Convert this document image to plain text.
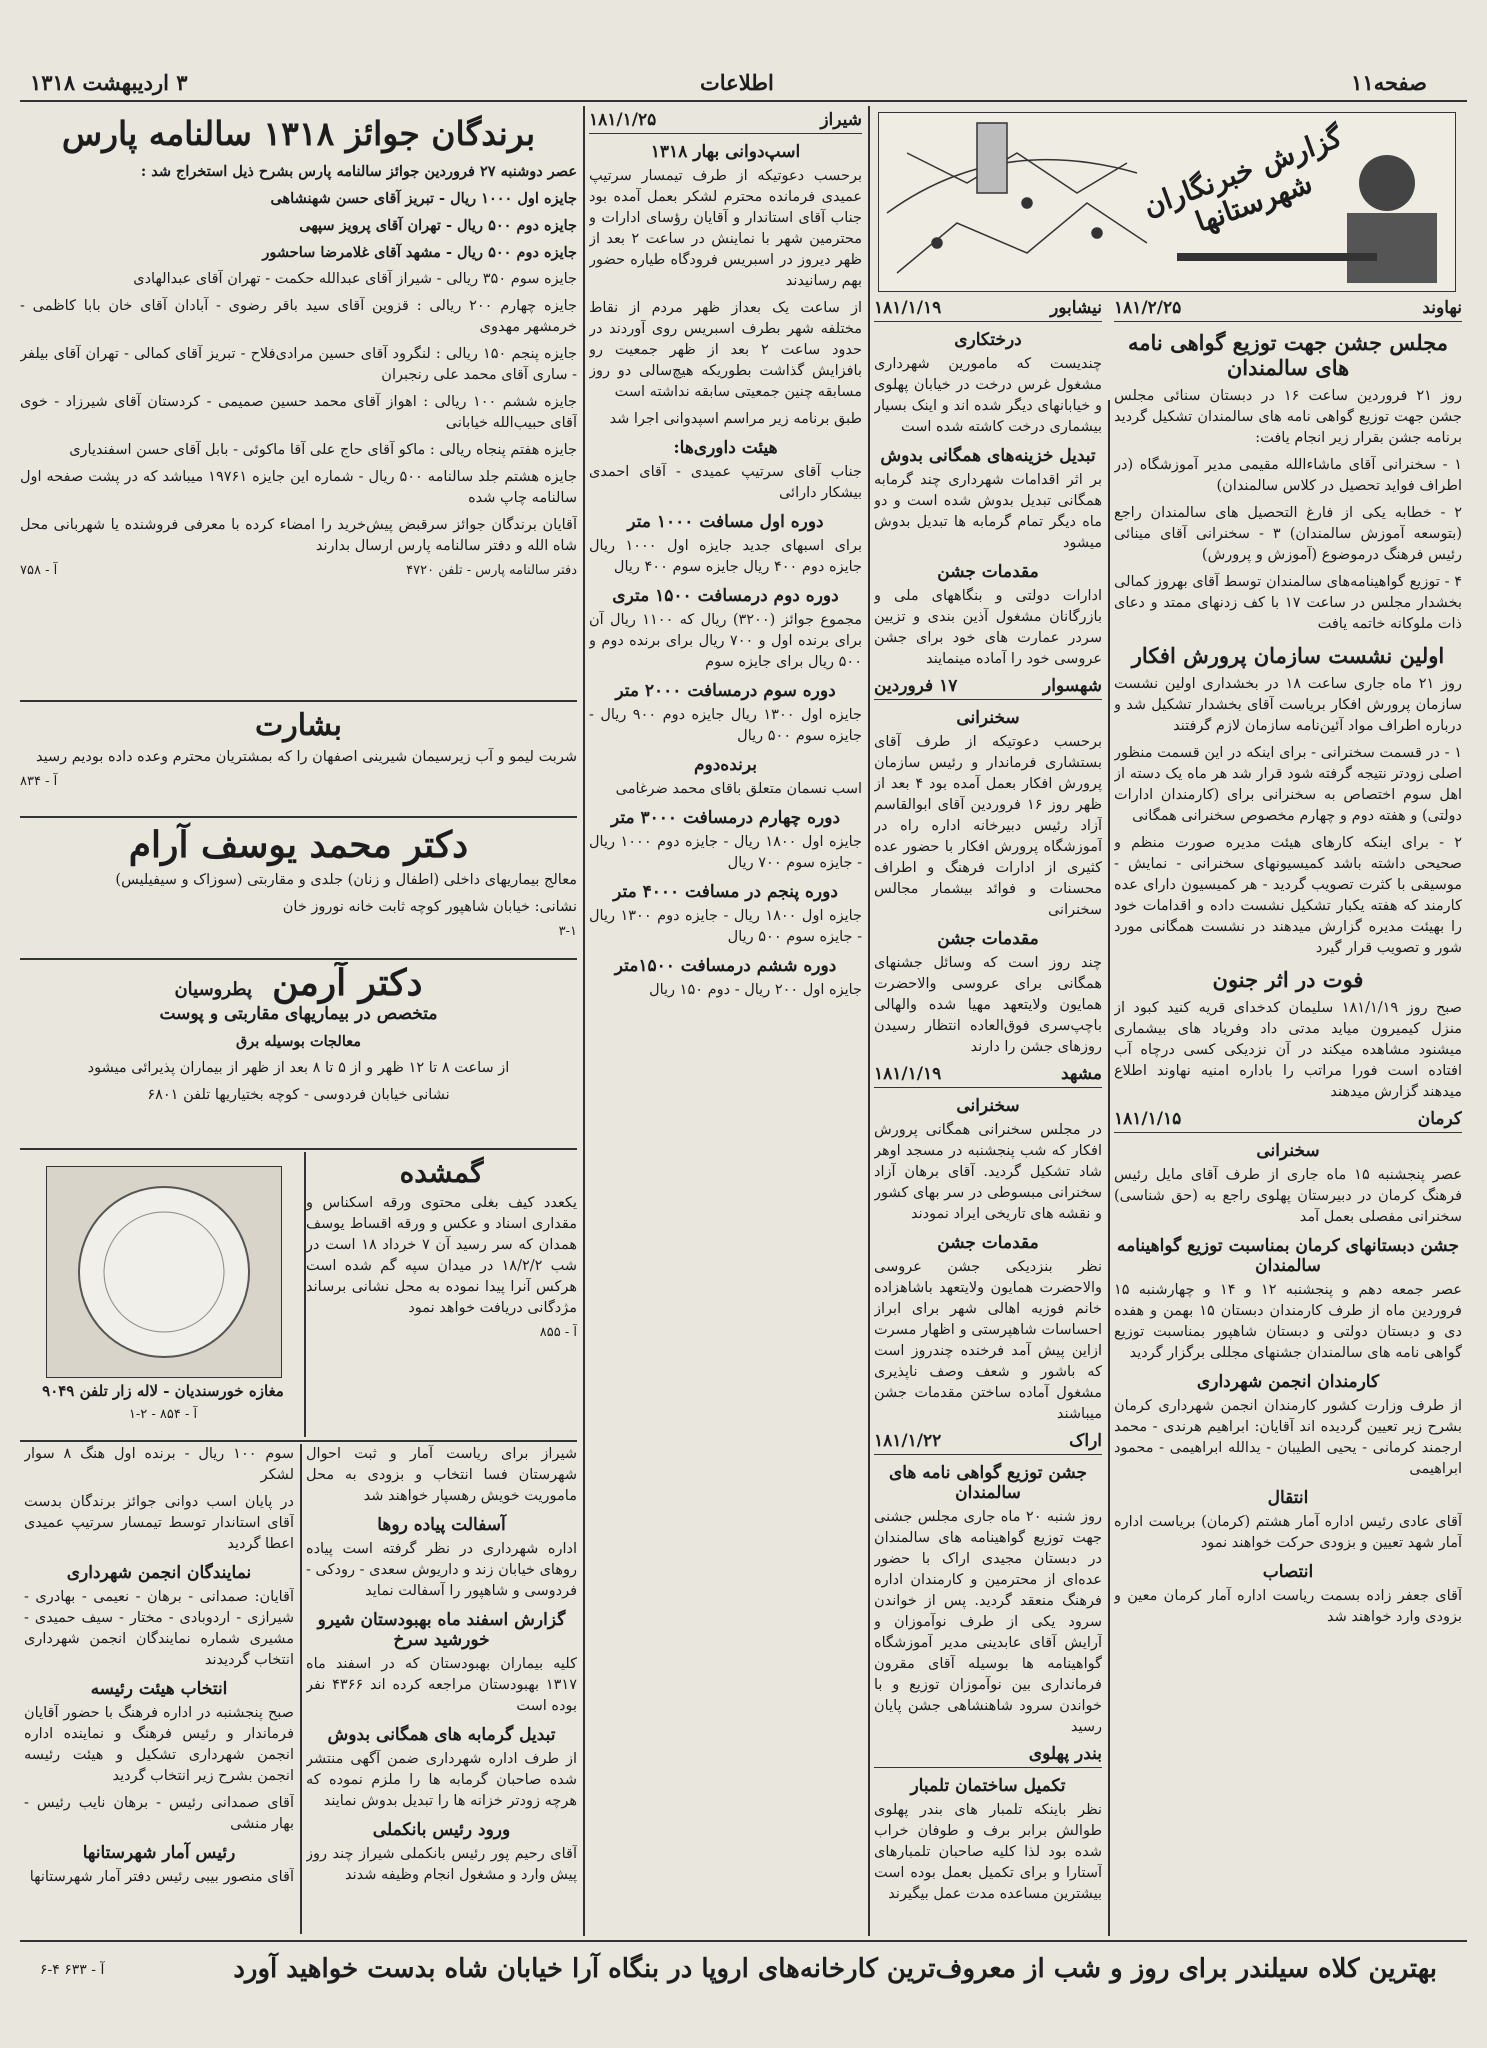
صفحه۱۱
اطلاعات
۳ اردیبهشت ۱۳۱۸
گزارش خبرنگاران شهرستانها
نهاوند
۱۸۱/۲/۲۵
مجلس جشن جهت توزیع گواهی نامه های سالمندان

روز ۲۱ فروردین ساعت ۱۶ در دبستان سنائی مجلس جشن جهت توزیع گواهی نامه های سالمندان تشکیل گردید برنامه جشن بقرار زیر انجام یافت:

۱ - سخنرانی آقای ماشاءالله مقیمی مدیر آموزشگاه (در اطراف فواید تحصیل در کلاس سالمندان)

۲ - خطابه یکی از فارغ التحصیل های سالمندان راجع (بتوسعه آموزش سالمندان) ۳ - سخنرانی آقای مینائی رئیس فرهنگ درموضوع (آموزش و پرورش)

۴ - توزیع گواهینامه‌های سالمندان توسط آقای بهروز کمالی بخشدار مجلس در ساعت ۱۷ با کف زدنهای ممتد و دعای ذات ملوکانه خاتمه یافت

اولین نشست سازمان پرورش افکار

روز ۲۱ ماه جاری ساعت ۱۸ در بخشداری اولین نشست سازمان پرورش افکار بریاست آقای بخشدار تشکیل شد و درباره اطراف مواد آئین‌نامه سازمان لازم گرفتند

۱ - در قسمت سخنرانی - برای اینکه در این قسمت منظور اصلی زودتر نتیجه گرفته شود قرار شد هر ماه یک دسته از اهل سوم اختصاص به سخنرانی برای (کارمندان ادارات دولتی) و هفته دوم و چهارم مخصوص سخنرانی همگانی

۲ - برای اینکه کارهای هیئت مدیره صورت منظم و صحیحی داشته باشد کمیسیونهای سخنرانی - نمایش - موسیقی با کثرت تصویب گردید - هر کمیسیون دارای عده کارمند که هفته یکبار تشکیل نشست داده و اقدامات خود را بهیئت مدیره گزارش میدهند در نشست همگانی مورد شور و تصویب قرار گیرد

فوت در اثر جنون

صبح روز ۱۸۱/۱/۱۹ سلیمان کدخدای قریه کنید کبود از منزل کیمیرون میاید مدتی داد وفریاد های بیشماری میشنود مشاهده میکند در آن نزدیکی کسی درچاه آب افتاده است فورا مراتب را باداره امنیه نهاوند اطلاع میدهند گزارش میدهند

کرمان
۱۸۱/۱/۱۵
سخنرانی

عصر پنجشنبه ۱۵ ماه جاری از طرف آقای مایل رئیس فرهنگ کرمان در دبیرستان پهلوی راجع به (حق شناسی) سخنرانی مفصلی بعمل آمد

جشن دبستانهای کرمان بمناسبت توزیع گواهینامه سالمندان

عصر جمعه دهم و پنجشنبه ۱۲ و ۱۴ و چهارشنبه ۱۵ فروردین ماه از طرف کارمندان دبستان ۱۵ بهمن و هفده دی و دبستان دولتی و دبستان شاهپور بمناسبت توزیع گواهی نامه های سالمندان جشنهای مجللی برگزار گردید

کارمندان انجمن شهرداری

از طرف وزارت کشور کارمندان انجمن شهرداری کرمان بشرح زیر تعیین گردیده اند آقایان: ابراهیم هرندی - محمد ارجمند کرمانی - یحیی الطیبان - یدالله ابراهیمی - محمود ابراهیمی

انتقال

آقای عادی رئیس اداره آمار هشتم (کرمان) بریاست اداره آمار شهد تعیین و بزودی حرکت خواهند نمود

انتصاب

آقای جعفر زاده بسمت ریاست اداره آمار کرمان معین و بزودی وارد خواهند شد

نیشابور
۱۸۱/۱/۱۹
درختکاری

چندیست که مامورین شهرداری مشغول غرس درخت در خیابان پهلوی و خیابانهای دیگر شده اند و اینک بسیار بیشماری درخت کاشته شده است

تبدیل خزینه‌های همگانی بدوش

بر اثر اقدامات شهرداری چند گرمابه همگانی تبدیل بدوش شده است و دو ماه دیگر تمام گرمابه ها تبدیل بدوش میشود

مقدمات جشن

ادارات دولتی و بنگاههای ملی و بازرگانان مشغول آذین بندی و تزیین سردر عمارت های خود برای جشن عروسی خود را آماده مینمایند

شهسوار
۱۷ فروردین
سخنرانی

برحسب دعوتیکه از طرف آقای بستشاری فرماندار و رئیس سازمان پرورش افکار بعمل آمده بود ۴ بعد از ظهر روز ۱۶ فروردین آقای ابوالقاسم آزاد رئیس دبیرخانه اداره راه در آموزشگاه پرورش افکار با حضور عده کثیری از ادارات فرهنگ و اطراف محسنات و فوائد بیشمار مجالس سخنرانی

مقدمات جشن

چند روز است که وسائل جشنهای همگانی برای عروسی والاحضرت همایون ولایتعهد مهیا شده والهالی باچپ‌سری فوق‌العاده انتظار رسیدن روزهای جشن را دارند

مشهد
۱۸۱/۱/۱۹
سخنرانی

در مجلس سخنرانی همگانی پرورش افکار که شب پنجشنبه در مسجد اوهر شاد تشکیل گردید. آقای برهان آزاد سخنرانی مبسوطی در سر بهای کشور و نقشه های تاریخی ایراد نمودند

مقدمات جشن

نظر بنزدیکی جشن عروسی والاحضرت همایون ولایتعهد باشاهزاده خانم فوزیه اهالی شهر برای ابراز احساسات شاهپرستی و اظهار مسرت ازاین پیش آمد فرخنده چندروز است که باشور و شعف وصف ناپذیری مشغول آماده ساختن مقدمات جشن میباشند

اراک
۱۸۱/۱/۲۲
جشن توزیع گواهی نامه های سالمندان

روز شنبه ۲۰ ماه جاری مجلس جشنی جهت توزیع گواهینامه های سالمندان در دبستان مجیدی اراک با حضور عده‌ای از محترمین و کارمندان اداره فرهنگ منعقد گردید. پس از خواندن سرود یکی از طرف نوآموزان و آرایش آقای عابدینی مدیر آموزشگاه گواهینامه ها بوسیله آقای مقرون فرمانداری بین نوآموزان توزیع و با خواندن سرود شاهنشاهی جشن پایان رسید

بندر پهلوی
تکمیل ساختمان تلمبار

نظر باینکه تلمبار های بندر پهلوی طوالش برابر برف و طوفان خراب شده بود لذا کلیه صاحبان تلمبارهای آستارا و برای تکمیل بعمل بوده است بیشترین مساعده مدت عمل بیگیرند

شیراز
۱۸۱/۱/۲۵
اسپ‌دوانی بهار ۱۳۱۸

برحسب دعوتیکه از طرف تیمسار سرتیپ عمیدی فرمانده محترم لشکر بعمل آمده بود جناب آقای استاندار و آقایان رؤسای ادارات و محترمین شهر با نماینش در ساعت ۲ بعد از ظهر دیروز در اسبریس فرودگاه طیاره حضور بهم رسانیدند

از ساعت یک بعداز ظهر مردم از نقاط مختلفه شهر بطرف اسبریس روی آوردند در حدود ساعت ۲ بعد از ظهر جمعیت رو بافزایش گذاشت بطوریکه هیچ‌سالی دو روز مسابقه چنین جمعیتی سابقه نداشته است

طبق برنامه زیر مراسم اسپدوانی اجرا شد

هیئت داوری‌ها:

جناب آقای سرتیپ عمیدی - آقای احمدی بیشکار دارائی

دوره اول مسافت ۱۰۰۰ متر

برای اسبهای جدید جایزه اول ۱۰۰۰ ریال جایزه دوم ۴۰۰ ریال جایزه سوم ۴۰۰ ریال

دوره دوم درمسافت ۱۵۰۰ متری

مجموع جوائز (۳۲۰۰) ریال که ۱۱۰۰ ریال آن برای برنده اول و ۷۰۰ ریال برای برنده دوم و ۵۰۰ ریال برای جایزه سوم

دوره سوم درمسافت ۲۰۰۰ متر

جایزه اول ۱۳۰۰ ریال جایزه دوم ۹۰۰ ریال - جایزه سوم ۵۰۰ ریال

برنده‌دوم

اسب نسمان متعلق باقای محمد ضرغامی

دوره چهارم درمسافت ۳۰۰۰ متر

جایزه اول ۱۸۰۰ ریال - جایزه دوم ۱۰۰۰ ریال - جایزه سوم ۷۰۰ ریال

دوره پنجم در مسافت ۴۰۰۰ متر

جایزه اول ۱۸۰۰ ریال - جایزه دوم ۱۳۰۰ ریال - جایزه سوم ۵۰۰ ریال

دوره ششم درمسافت ۱۵۰۰متر

جایزه اول ۲۰۰ ریال - دوم ۱۵۰ ریال

برندگان جوائز ۱۳۱۸ سالنامه پارس

عصر دوشنبه ۲۷ فروردین جوائز سالنامه پارس بشرح ذیل استخراج شد :

جایزه اول ۱۰۰۰ ریال - تبریز آقای حسن شهنشاهی

جایزه دوم ۵۰۰ ریال - تهران آقای پرویز سپهی

جایزه دوم ۵۰۰ ریال - مشهد آقای غلامرضا ساحشور

جایزه سوم ۳۵۰ ریالی - شیراز آقای عبدالله حکمت - تهران آقای عبدالهادی

جایزه چهارم ۲۰۰ ریالی : قزوین آقای سید باقر رضوی - آبادان آقای خان بابا کاظمی - خرمشهر مهدوی

جایزه پنجم ۱۵۰ ریالی : لنگرود آقای حسین مرادی‌فلاح - تبریز آقای کمالی - تهران آقای بیلفر - ساری آقای محمد علی رنجبران

جایزه ششم ۱۰۰ ریالی : اهواز آقای محمد حسین صمیمی - کردستان آقای شیرزاد - خوی آقای حبیب‌الله خیابانی

جایزه هفتم پنجاه ریالی : ماکو آقای حاج علی آقا ماکوئی - بابل آقای حسن اسفندیاری

جایزه هشتم جلد سالنامه ۵۰۰ ریال - شماره این جایزه ۱۹۷۶۱ میباشد که در پشت صفحه اول سالنامه چاپ شده

آقایان برندگان جوائز سرقبض پیش‌خرید را امضاء کرده با معرفی فروشنده یا شهربانی محل شاه الله و دفتر سالنامه پارس ارسال بدارند

دفتر سالنامه پارس - تلفن ۴۷۲۰
آ - ۷۵۸
بشارت

شربت لیمو و آب زیرسیمان شیرینی اصفهان را که بمشتریان محترم وعده داده بودیم رسید

آ - ۸۳۴
دکتر محمد یوسف آرام

معالج بیماریهای داخلی (اطفال و زنان) جلدی و مقاربتی (سوزاک و سیفیلیس)

نشانی: خیابان شاهپور کوچه ثابت خانه نوروز خان

۳-۱
دکتر آرمن
پطروسیان

متخصص در بیماریهای مقاربتی و پوست

معالجات بوسیله برق

از ساعت ۸ تا ۱۲ ظهر و از ۵ تا ۸ بعد از ظهر از بیماران پذیرائی میشود

نشانی خیابان فردوسی - کوچه بختیاریها تلفن ۶۸۰۱

گمشده

یکعدد کیف بغلی محتوی ورقه اسکناس و مقداری اسناد و عکس و ورقه اقساط یوسف همدان که سر رسید آن ۷ خرداد ۱۸ است در شب ۱۸/۲/۲ در میدان سپه گم شده است هرکس آنرا پیدا نموده به محل نشانی برساند مژدگانی دریافت خواهد نمود

آ - ۸۵۵
مغازه خورسندیان - لاله زار تلفن ۹۰۴۹
آ - ۸۵۴ - ۲-۱

شیراز برای ریاست آمار و ثبت احوال شهرستان فسا انتخاب و بزودی به محل ماموریت خویش رهسپار خواهند شد

آسفالت پیاده روها

اداره شهرداری در نظر گرفته است پیاده روهای خیابان زند و داریوش سعدی - رودکی - فردوسی و شاهپور را آسفالت نماید

گزارش اسفند ماه بهبودستان شیرو خورشید سرخ

کلیه بیماران بهبودستان که در اسفند ماه ۱۳۱۷ بهبودستان مراجعه کرده اند ۴۳۶۶ نفر بوده است

تبدیل گرمابه های همگانی بدوش

از طرف اداره شهرداری ضمن آگهی منتشر شده صاحبان گرمابه ها را ملزم نموده که هرچه زودتر خزانه ها را تبدیل بدوش نمایند

ورود رئیس بانکملی

آقای رحیم پور رئیس بانکملی شیراز چند روز پیش وارد و مشغول انجام وظیفه شدند

سوم ۱۰۰ ریال - برنده اول هنگ ۸ سوار لشکر

در پایان اسب دوانی جوائز برندگان بدست آقای استاندار توسط تیمسار سرتیپ عمیدی اعطا گردید

نمایندگان انجمن شهرداری

آقایان: صمدانی - برهان - نعیمی - بهادری - شیرازی - اردوبادی - مختار - سیف حمیدی - مشیری شماره نمایندگان انجمن شهرداری انتخاب گردیدند

انتخاب هیئت رئیسه

صبح پنجشنبه در اداره فرهنگ با حضور آقایان فرماندار و رئیس فرهنگ و نماینده اداره انجمن شهرداری تشکیل و هیئت رئیسه انجمن بشرح زیر انتخاب گردید

آقای صمدانی رئیس - برهان نایب رئیس - بهار منشی

رئیس آمار شهرستانها

آقای منصور بیبی رئیس دفتر آمار شهرستانها

بهترین کلاه سیلندر برای روز و شب از معروف‌ترین کارخانه‌های اروپا در بنگاه آرا خیابان شاه بدست خواهید آورد
آ - ۶۳۳ ۴-۶
